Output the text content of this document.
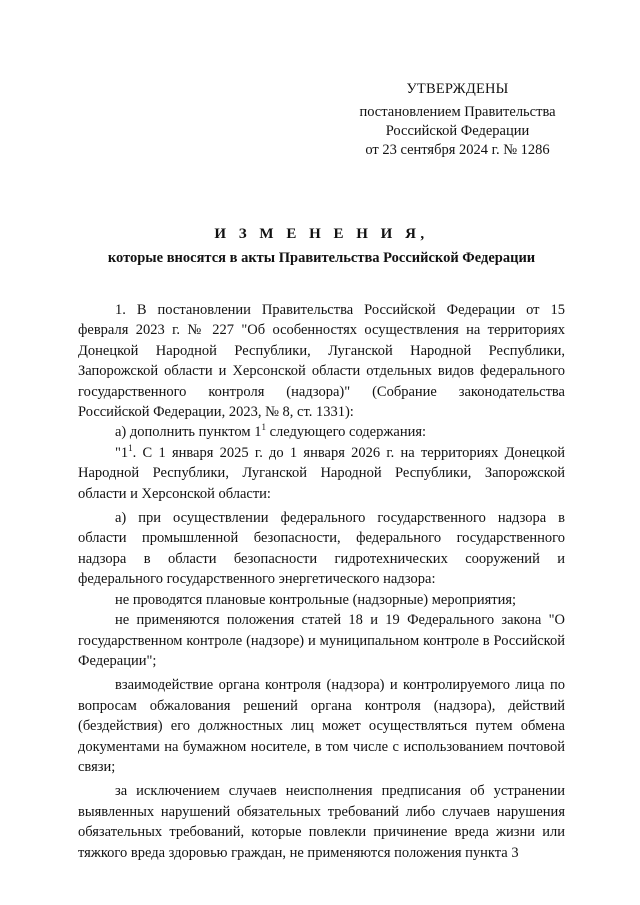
УТВЕРЖДЕНЫ
постановлением Правительства
Российской Федерации
от 23 сентября 2024 г. № 1286
И З М Е Н Е Н И Я,
которые вносятся в акты Правительства Российской Федерации

1. В постановлении Правительства Российской Федерации от 15 февраля 2023 г. № 227 "Об особенностях осуществления на территориях Донецкой Народной Республики, Луганской Народной Республики, Запорожской области и Херсонской области отдельных видов федерального государственного контроля (надзора)" (Собрание законодательства Российской Федерации, 2023, № 8, ст. 1331):

а) дополнить пунктом $1^1$ следующего содержания:

"$1^1$. С 1 января 2025 г. до 1 января 2026 г. на территориях Донецкой Народной Республики, Луганской Народной Республики, Запорожской области и Херсонской области:

а) при осуществлении федерального государственного надзора в области промышленной безопасности, федерального государственного надзора в области безопасности гидротехнических сооружений и федерального государственного энергетического надзора:

не проводятся плановые контрольные (надзорные) мероприятия;

не применяются положения статей 18 и 19 Федерального закона "О государственном контроле (надзоре) и муниципальном контроле в Российской Федерации";

взаимодействие органа контроля (надзора) и контролируемого лица по вопросам обжалования решений органа контроля (надзора), действий (бездействия) его должностных лиц может осуществляться путем обмена документами на бумажном носителе, в том числе с использованием почтовой связи;

за исключением случаев неисполнения предписания об устранении выявленных нарушений обязательных требований либо случаев нарушения обязательных требований, которые повлекли причинение вреда жизни или тяжкого вреда здоровью граждан, не применяются положения пункта 3
